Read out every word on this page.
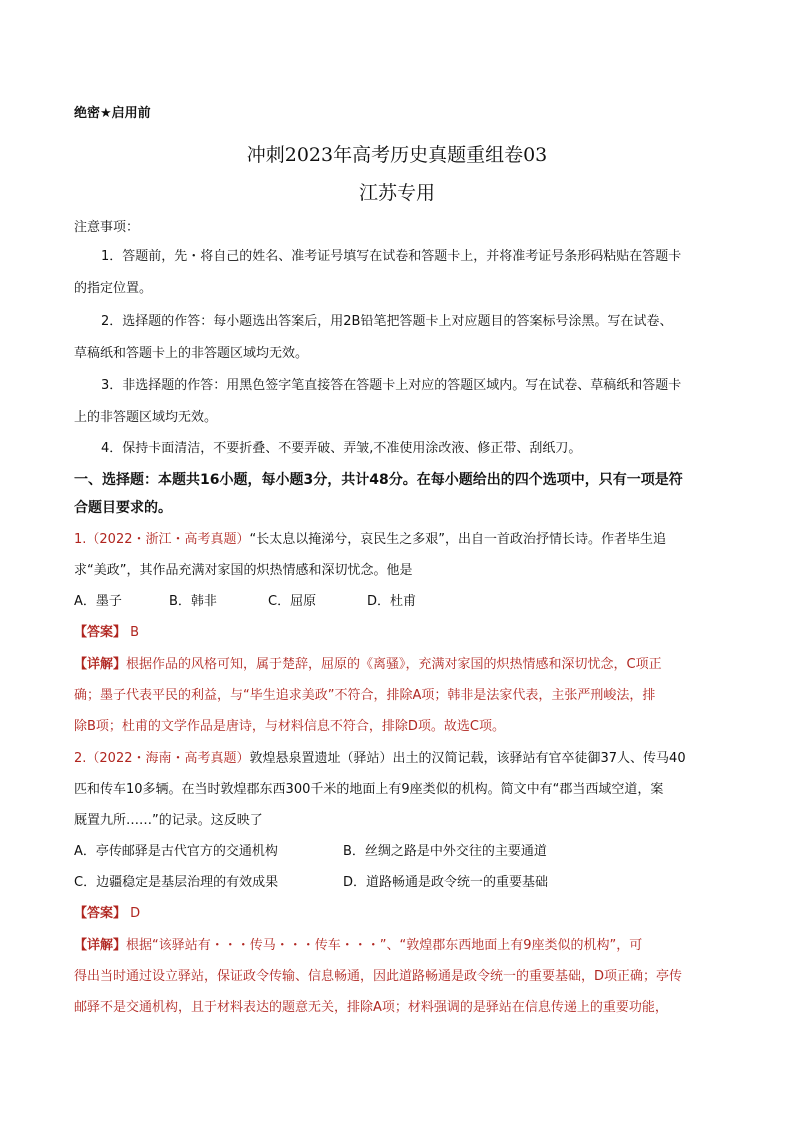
绝密★启用前
冲刺2023年高考历史真题重组卷03
江苏专用
注意事项：
1．答题前，先・将自己的姓名、准考证号填写在试卷和答题卡上，并将准考证号条形码粘贴在答题卡
的指定位置。
2．选择题的作答：每小题选出答案后，用2B铅笔把答题卡上对应题目的答案标号涂黑。写在试卷、
草稿纸和答题卡上的非答题区域均无效。
3．非选择题的作答：用黑色签字笔直接答在答题卡上对应的答题区域内。写在试卷、草稿纸和答题卡
上的非答题区域均无效。
4．保持卡面清洁，不要折叠、不要弄破、弄皱,不准使用涂改液、修正带、刮纸刀。
一、选择题：本题共16小题，每小题3分，共计48分。在每小题给出的四个选项中，只有一项是符
合题目要求的。
1.（2022・浙江・高考真题）“长太息以掩涕兮，哀民生之多艰”，出自一首政治抒情长诗。作者毕生追
求“美政”，其作品充满对家国的炽热情感和深切忧念。他是
A．墨子	B．韩非	C．屈原	D．杜甫
【答案】 B
【详解】根据作品的风格可知，属于楚辞，屈原的《离骚》，充满对家国的炽热情感和深切忧念，C项正
确；墨子代表平民的利益，与“毕生追求美政”不符合，排除A项；韩非是法家代表，主张严刑峻法，排
除B项；杜甫的文学作品是唐诗，与材料信息不符合，排除D项。故选C项。
2.（2022・海南・高考真题）敦煌悬泉置遗址（驿站）出土的汉简记载，该驿站有官卒徒御37人、传马40
匹和传车10多辆。在当时敦煌郡东西300千米的地面上有9座类似的机构。简文中有“郡当西域空道，案
厩置九所……”的记录。这反映了
A．亭传邮驿是古代官方的交通机构	B．丝绸之路是中外交往的主要通道
C．边疆稳定是基层治理的有效成果	D．道路畅通是政令统一的重要基础
【答案】 D
【详解】根据“该驿站有・・・传马・・・传车・・・”、“敦煌郡东西地面上有9座类似的机构”，可
得出当时通过设立驿站，保证政令传输、信息畅通，因此道路畅通是政令统一的重要基础，D项正确；亭传
邮驿不是交通机构，且于材料表达的题意无关，排除A项；材料强调的是驿站在信息传递上的重要功能，
